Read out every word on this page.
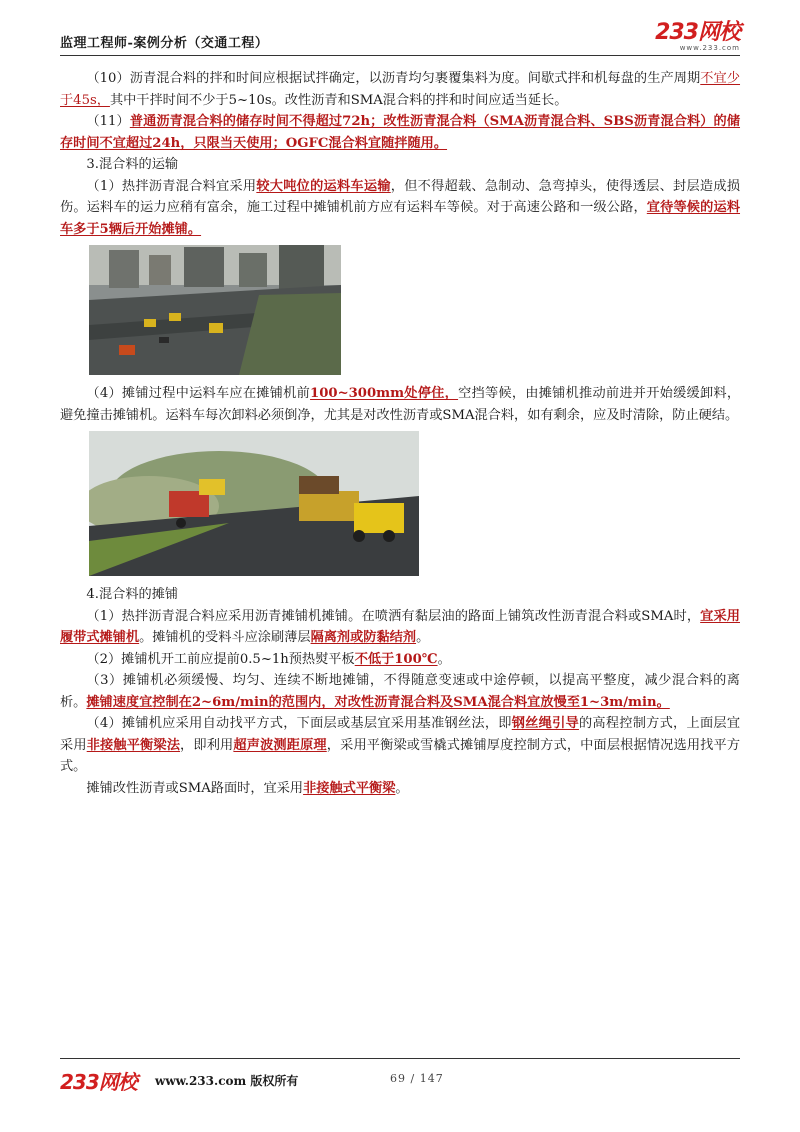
监理工程师-案例分析（交通工程）	233网校
www.233.com

（10）沥青混合料的拌和时间应根据试拌确定，以沥青均匀裹覆集料为度。间歇式拌和机每盘的生产周期不宜少于45s，其中干拌时间不少于5~10s。改性沥青和SMA混合料的拌和时间应适当延长。

（11）普通沥青混合料的储存时间不得超过72h；改性沥青混合料（SMA沥青混合料、SBS沥青混合料）的储存时间不宜超过24h，只限当天使用；OGFC混合料宜随拌随用。

3.混合料的运输

（1）热拌沥青混合料宜采用较大吨位的运料车运输，但不得超载、急制动、急弯掉头，使得透层、封层造成损伤。运料车的运力应稍有富余，施工过程中摊铺机前方应有运料车等候。对于高速公路和一级公路，宜待等候的运料车多于5辆后开始摊铺。

（4）摊铺过程中运料车应在摊铺机前100~300mm处停住，空挡等候，由摊铺机推动前进并开始缓缓卸料，避免撞击摊铺机。运料车每次卸料必须倒净，尤其是对改性沥青或SMA混合料，如有剩余，应及时清除，防止硬结。

4.混合料的摊铺

（1）热拌沥青混合料应采用沥青摊铺机摊铺。在喷洒有黏层油的路面上铺筑改性沥青混合料或SMA时，宜采用履带式摊铺机。摊铺机的受料斗应涂刷薄层隔离剂或防黏结剂。

（2）摊铺机开工前应提前0.5~1h预热熨平板不低于100℃。

（3）摊铺机必须缓慢、均匀、连续不断地摊铺，不得随意变速或中途停顿，以提高平整度，减少混合料的离析。摊铺速度宜控制在2~6m/min的范围内，对改性沥青混合料及SMA混合料宜放慢至1~3m/min。

（4）摊铺机应采用自动找平方式，下面层或基层宜采用基准钢丝法，即钢丝绳引导的高程控制方式，上面层宜采用非接触平衡梁法，即利用超声波测距原理，采用平衡梁或雪橇式摊铺厚度控制方式，中面层根据情况选用找平方式。

摊铺改性沥青或SMA路面时，宜采用非接触式平衡梁。

233网校 www.233.com 版权所有	69 / 147
